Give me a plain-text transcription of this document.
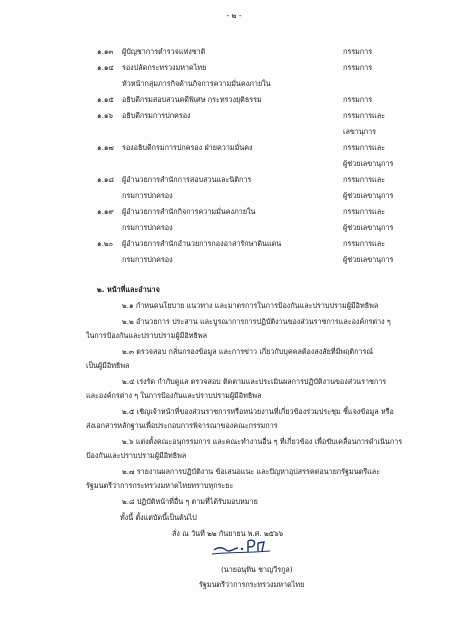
- ๒ -
๑.๑๓ ผู้บัญชาการตำรวจแห่งชาติ	กรรมการ
๑.๑๔ รองปลัดกระทรวงมหาดไทย	กรรมการ
หัวหน้ากลุ่มภารกิจด้านกิจการความมั่นคงภายใน
๑.๑๕ อธิบดีกรมสอบสวนคดีพิเศษ กระทรวงยุติธรรม	กรรมการ
๑.๑๖ อธิบดีกรมการปกครอง	กรรมการและ
เลขานุการ
๑.๑๗ รองอธิบดีกรมการปกครอง ฝ่ายความมั่นคง	กรรมการและ
ผู้ช่วยเลขานุการ
๑.๑๘ ผู้อำนวยการสำนักการสอบสวนและนิติการ	กรรมการและ
กรมการปกครอง	ผู้ช่วยเลขานุการ
๑.๑๙ ผู้อำนวยการสำนักกิจการความมั่นคงภายใน	กรรมการและ
กรมการปกครอง	ผู้ช่วยเลขานุการ
๑.๒๐ ผู้อำนวยการสำนักอำนวยการกองอาสารักษาดินแดน	กรรมการและ
กรมการปกครอง	ผู้ช่วยเลขานุการ
๒. หน้าที่และอำนาจ
๒.๑ กำหนดนโยบาย แนวทาง และมาตรการในการป้องกันและปราบปรามผู้มีอิทธิพล
๒.๒ อำนวยการ ประสาน และบูรณาการการปฏิบัติงานของส่วนราชการและองค์กรต่าง ๆ
ในการป้องกันและปราบปรามผู้มีอิทธิพล
๒.๓ ตรวจสอบ กลั่นกรองข้อมูล และการข่าว เกี่ยวกับบุคคลต้องสงสัยที่มีพฤติการณ์
เป็นผู้มีอิทธิพล
๒.๔ เร่งรัด กำกับดูแล ตรวจสอบ ติดตามและประเมินผลการปฏิบัติงานของส่วนราชการ
และองค์กรต่าง ๆ ในการป้องกันและปราบปรามผู้มีอิทธิพล
๒.๕ เชิญเจ้าหน้าที่ของส่วนราชการหรือหน่วยงานที่เกี่ยวข้องร่วมประชุม ชี้แจงข้อมูล หรือ
ส่งเอกสารหลักฐานเพื่อประกอบการพิจารณาของคณะกรรมการ
๒.๖ แต่งตั้งคณะอนุกรรมการ และคณะทำงานอื่น ๆ ที่เกี่ยวข้อง เพื่อขับเคลื่อนการดำเนินการ
ป้องกันและปราบปรามผู้มีอิทธิพล
๒.๗ รายงานผลการปฏิบัติงาน ข้อเสนอแนะ และปัญหาอุปสรรคต่อนายกรัฐมนตรีและ
รัฐมนตรีว่าการกระทรวงมหาดไทยทราบทุกระยะ
๒.๘ ปฏิบัติหน้าที่อื่น ๆ ตามที่ได้รับมอบหมาย
ทั้งนี้ ตั้งแต่บัดนี้เป็นต้นไป
สั่ง ณ วันที่ ๒๒ กันยายน พ.ศ. ๒๕๖๖
(นายอนุทิน ชาญวีรกูล)
รัฐมนตรีว่าการกระทรวงมหาดไทย
